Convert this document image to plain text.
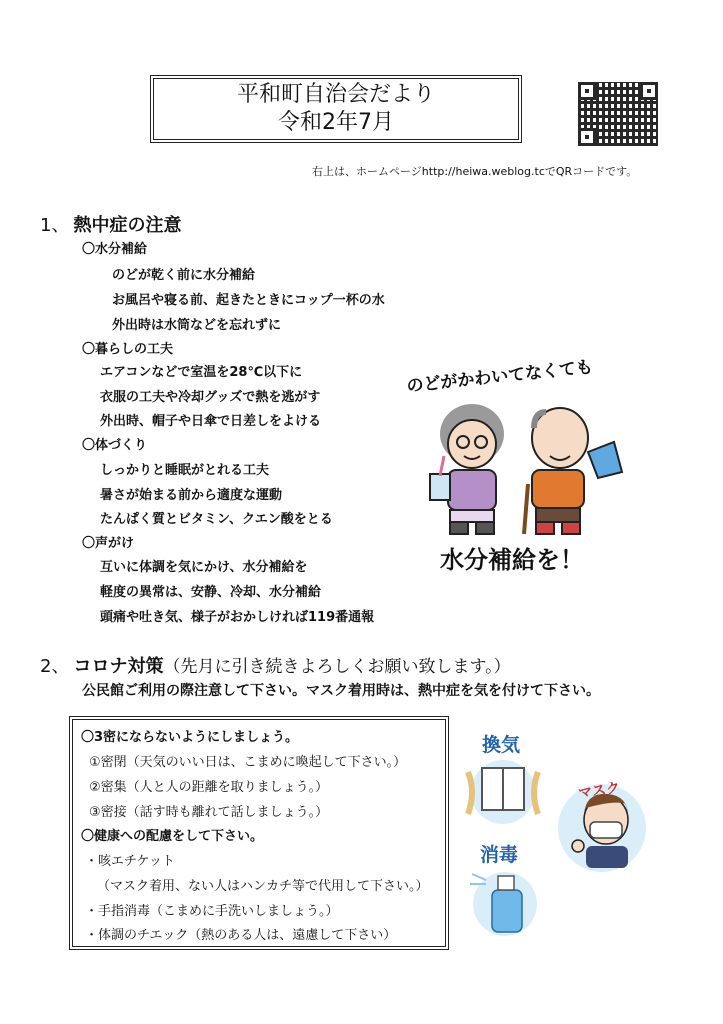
平和町自治会だより
令和2年7月
右上は、ホームページhttp://heiwa.weblog.tcでQRコードです。
1、 熱中症の注意
〇水分補給
のどが乾く前に水分補給
お風呂や寝る前、起きたときにコップ一杯の水
外出時は水筒などを忘れずに
〇暮らしの工夫
エアコンなどで室温を28℃以下に
衣服の工夫や冷却グッズで熱を逃がす
外出時、帽子や日傘で日差しをよける
〇体づくり
しっかりと睡眠がとれる工夫
暑さが始まる前から適度な運動
たんぱく質とビタミン、クエン酸をとる
〇声がけ
互いに体調を気にかけ、水分補給を
軽度の異常は、安静、冷却、水分補給
頭痛や吐き気、様子がおかしければ119番通報
のどがかわいてなくても
水分補給を！
2、 コロナ対策（先月に引き続きよろしくお願い致します。）
公民館ご利用の際注意して下さい。マスク着用時は、熱中症を気を付けて下さい。
〇3密にならないようにしましょう。
①密閉（天気のいい日は、こまめに喚起して下さい。）
②密集（人と人の距離を取りましょう。）
③密接（話す時も離れて話しましょう。）
〇健康への配慮をして下さい。
・咳エチケット
（マスク着用、ない人はハンカチ等で代用して下さい。）
・手指消毒（こまめに手洗いしましょう。）
・体調のチエック（熱のある人は、遠慮して下さい）
換気
マスク
消毒
